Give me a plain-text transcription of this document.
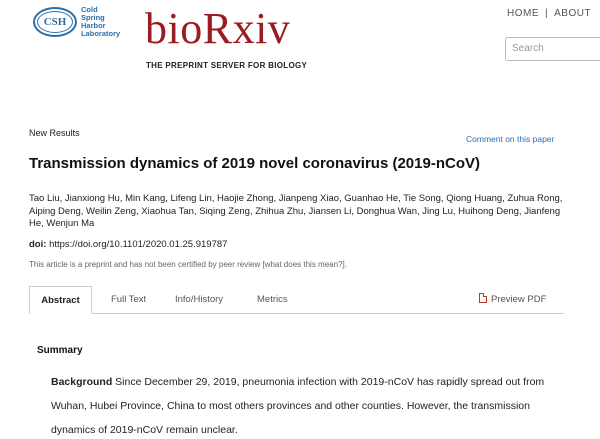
CSH
Cold
Spring
Harbor
Laboratory bioRxiv
THE PREPRINT SERVER FOR BIOLOGY
HOME | ABOUT
Search
New Results
Comment on this paper
Transmission dynamics of 2019 novel coronavirus (2019-nCoV)
Tao Liu, Jianxiong Hu, Min Kang, Lifeng Lin, Haojie Zhong, Jianpeng Xiao, Guanhao He, Tie Song, Qiong Huang, Zuhua Rong, Aiping Deng, Weilin Zeng, Xiaohua Tan, Siqing Zeng, Zhihua Zhu, Jiansen Li, Donghua Wan, Jing Lu, Huihong Deng, Jianfeng He, Wenjun Ma
doi: https://doi.org/10.1101/2020.01.25.919787
This article is a preprint and has not been certified by peer review [what does this mean?].
Abstract	Full Text	Info/History	Metrics	Preview PDF
Summary
Background Since December 29, 2019, pneumonia infection with 2019-nCoV has rapidly spread out from Wuhan, Hubei Province, China to most others provinces and other counties. However, the transmission dynamics of 2019-nCoV remain unclear.
